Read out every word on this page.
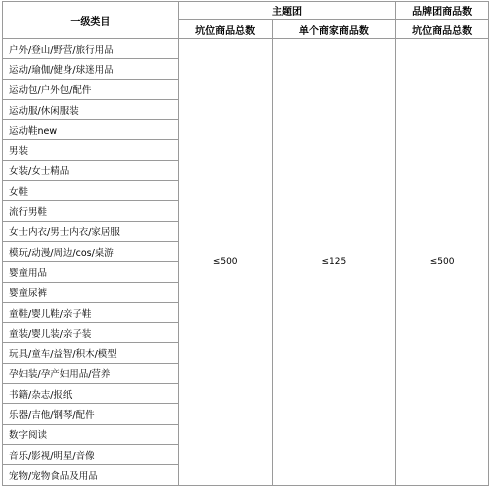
一级类目	主题团		品牌团商品数
	坑位商品总数	单个商家商品数	坑位商品总数
户外/登山/野营/旅行用品	≤500	≤125	≤500
运动/瑜伽/健身/球迷用品			
运动包/户外包/配件			
运动服/休闲服装			
运动鞋new			
男装			
女装/女士精品			
女鞋			
流行男鞋			
女士内衣/男士内衣/家居服			
模玩/动漫/周边/cos/桌游			
婴童用品			
婴童尿裤			
童鞋/婴儿鞋/亲子鞋			
童装/婴儿装/亲子装			
玩具/童车/益智/积木/模型			
孕妇装/孕产妇用品/营养			
书籍/杂志/报纸			
乐器/吉他/钢琴/配件			
数字阅读			
音乐/影视/明星/音像			
宠物/宠物食品及用品			
